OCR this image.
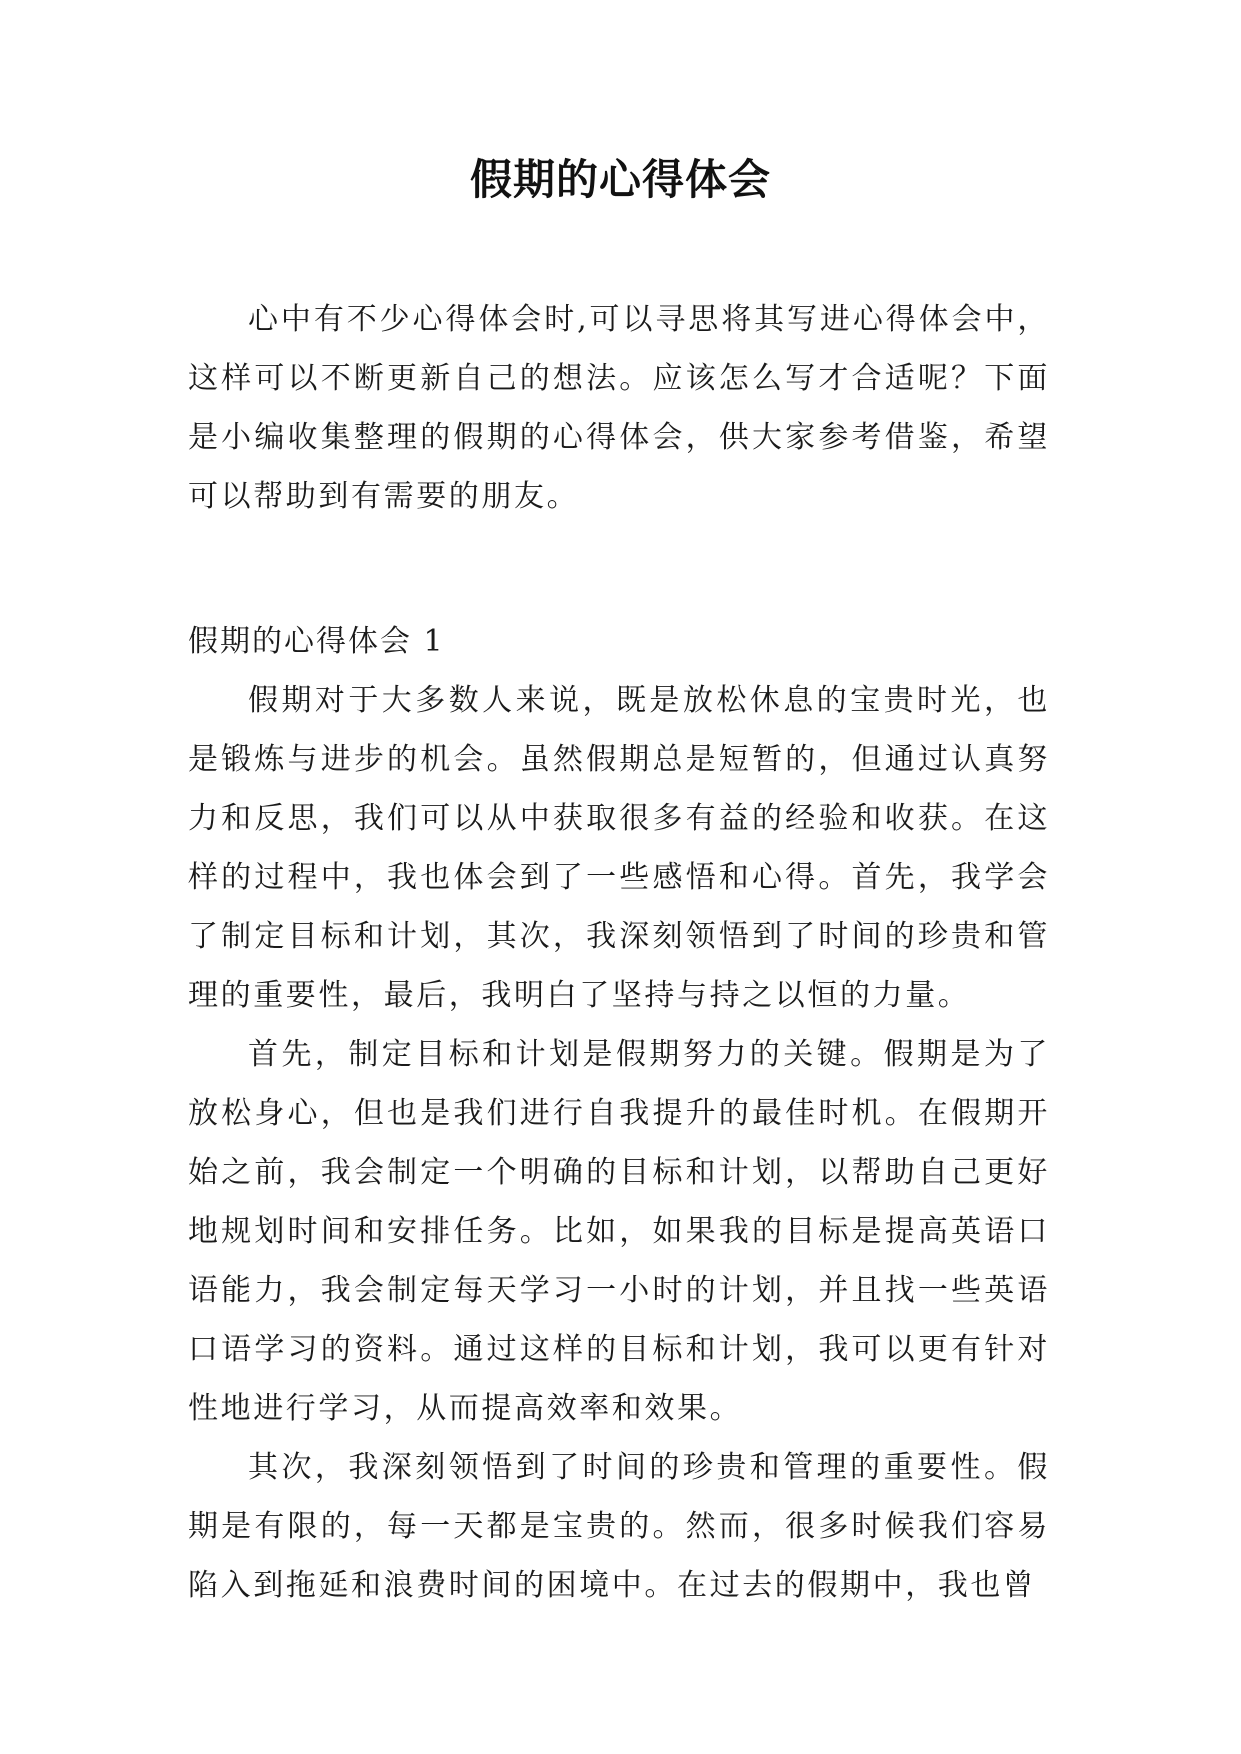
假期的心得体会

心中有不少心得体会时,可以寻思将其写进心得体会中，这样可以不断更新自己的想法。应该怎么写才合适呢？下面是小编收集整理的假期的心得体会，供大家参考借鉴，希望可以帮助到有需要的朋友。

假期的心得体会 1

假期对于大多数人来说，既是放松休息的宝贵时光，也是锻炼与进步的机会。虽然假期总是短暂的，但通过认真努力和反思，我们可以从中获取很多有益的经验和收获。在这样的过程中，我也体会到了一些感悟和心得。首先，我学会了制定目标和计划，其次，我深刻领悟到了时间的珍贵和管理的重要性，最后，我明白了坚持与持之以恒的力量。

首先，制定目标和计划是假期努力的关键。假期是为了放松身心，但也是我们进行自我提升的最佳时机。在假期开始之前，我会制定一个明确的目标和计划，以帮助自己更好地规划时间和安排任务。比如，如果我的目标是提高英语口语能力，我会制定每天学习一小时的计划，并且找一些英语口语学习的资料。通过这样的目标和计划，我可以更有针对性地进行学习，从而提高效率和效果。

其次，我深刻领悟到了时间的珍贵和管理的重要性。假期是有限的，每一天都是宝贵的。然而，很多时候我们容易陷入到拖延和浪费时间的困境中。在过去的假期中，我也曾
